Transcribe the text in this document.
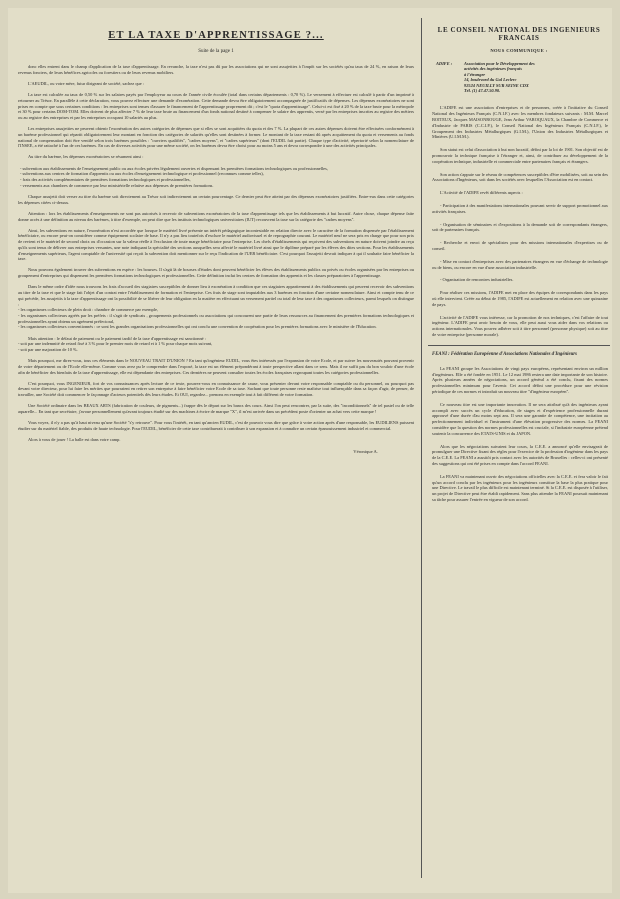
ET LA TAXE D'APPRENTISSAGE ?...
Suite de la page 1
donc elles entrent dans le champ d'application de la taxe d'apprentissage. En revanche, la taxe n'est pas dû par les associations qui ne sont assujetties à l'impôt sur les sociétés qu'au taux de 24 %, en raison de leurs revenus fonciers, de leurs bénéfices agricoles ou forestiers ou de leurs revenus mobiliers.
L'AEUDIL, ou votre mère, futur dirigeant de société, sachez que :
La taxe est calculée au taux de 0,50 % sur les salaires payés par l'employeur au cours de l'année civile écoulée (total dans certains départements : 0,70 %). Le versement à effectuer est calculé à partir d'un imprimé à retourner au Trésor. En parallèle à cette déclaration, vous pouvez effectuer une demande d'exonération. Cette demande devra être obligatoirement accompagnée de justificatifs de dépenses. Les dépenses exonératoires ne sont prises en compte que sous certaines conditions : les entreprises sont tenues d'assurer le financement de l'apprentissage proprement dit ; c'est le "quota d'apprentissage". Celui-ci est fixé à 20 % de la taxe brute pour la métropole et 30 % pour certains DOM-TOM. Elles doivent de plus affecter 7 % de leur taxe brute au financement d'un fonds national destiné à compenser le salaire des apprentis, versé par les entreprises inscrites au registre des métiers ou au registre des entreprises et par les entreprises occupant 10 salariés au plus.
Les entreprises assujetties ne peuvent obtenir l'exonération des autres catégories de dépenses que si elles se sont acquittées du quota et des 7 %. La plupart de ces autres dépenses doivent être effectuées conformément à un barème professionnel qui répartit obligatoirement leur montant en fonction des catégories de salariés qu'elles sont destinées à former. Le montant de la taxe restant dû après acquittement du quota et versements au fonds national de compensation doit être ventilé selon trois barèmes possibles : "ouvriers qualifiés", "cadres moyens", et "cadres supérieurs" (dont l'EUDIL fait partie). Chaque type d'activité, répertorié selon la nomenclature de l'INSEE, a été rattaché à l'un de ces barèmes. En cas de diverses activités pour une même société, on les barèmes devra être choisi pour au moins 5 ans et devra correspondre à une des activités principales.
Au titre du barème, les dépenses exonératoires se résument ainsi :
- subvention aux établissements de l'enseignement public ou aux écoles privées légalement ouvertes et dispensant les premières formations technologiques ou professionnelles,
- subventions aux centres de formation d'apprentis ou aux écoles d'enseignement technologique et professionnel (reconnues comme telles),
- frais des activités complémentaires de premières formations technologiques et professionnelles,
- versements aux chambres de commerce par leur ministérielle relative aux dépenses de premières formations.
Chaque assujetti doit verser au titre du barème soit directement au Trésor soit indirectement un certain pourcentage. Ce dernier peut être atteint par des dépenses exonératoires justifiées. Entre-eux dans cette catégories les dépenses citées ci-dessus.
Attention : lors les établissements d'enseignements ne sont pas autorisés à recevoir de subventions exonératoires de la taxe d'apprentissage tels que les établissements à but lucratif. Autre chose, chaque dépense faite donne accès à une définition au niveau des barèmes, à titre d'exemple, on peut dire que les instituts technologiques universitaires (IUT) recouvrent la taxe sur la catégorie des "cadres moyens".
Ainsi, les subventions en nature, l'exonération n'est accordée que lorsque le matériel livré présente un intérêt pédagogique incontestable en relation directe avec le caractère de la formation dispensée par l'établissement bénéficiaire, ou encore peut-on considérer comme équipement scolaire de base. Il n'y a pas lieu toutefois d'exclure le matériel audiovisuel et de reprographie courant. Le matériel neuf ne sera pris en charge que pour son prix de revient et le matériel de second choix ou d'occasion sur la valeur réelle à l'exclusion de toute marge bénéficiaire pour l'entreprise. Les chefs d'établissements qui reçoivent des subventions en nature doivent joindre au reçu qu'ils sont tenus de délivrer aux entreprises versantes, une note indiquant la spécialité des sections auxquelles sera affecté le matériel livré ainsi que le diplôme préparé par les élèves des dites sections. Pour les établissements d'enseignements supérieurs, l'agent comptable de l'université qui reçoit la subvention doit mentionner sur le reçu l'indication de l'UER bénéficiaire. C'est pourquoi l'assujetti devrait indiquer à qui il souhaite faire bénéficier la taxe.
Nous pouvons également trouver des subventions en espèce : les bourses. Il s'agit là de bourses d'études dont peuvent bénéficier les élèves des établissements publics ou privés ou écoles organisées par les entreprises ou groupement d'entreprises qui dispensent les premières formations technologiques et professionnelles. Cette définition inclut les centres de formation des apprentis et les classes préparatoires à l'apprentissage.
Dans le même ordre d'idée nous trouvons les frais d'accueil des stagiaires susceptibles de donner lieu à exonération à condition que ces stagiaires appartiennent à des établissements qui peuvent recevoir des subventions au titre de la taxe et que le stage fait l'objet d'un contrat entre l'établissement de formation et l'entreprise. Ces frais de stage sont imputables aux 3 barèmes en fonction d'une certaine nomenclature. Ainsi et compte tenu de ce qui précède, les assujettis à la taxe d'apprentissage ont la possibilité de se libérer de leur obligation en la matière en effectuant un versement partiel ou total de leur taxe à des organismes collecteurs, parmi lesquels on distingue :
- les organismes collecteurs de plein droit : chambre de commerce par exemple,
- les organismes collecteurs agréés par les préfets : il s'agit de syndicats , groupements professionnels ou associations qui concourent une partie de leurs ressources au financement des premières formations technologiques et professionnelles ayant obtenu un agrément préfectoral,
- les organismes collecteurs conventionnés : ce sont les grandes organisations professionnelles qui ont conclu une convention de coopération pour les premières formations avec le ministère de l'Education.
Mais attention : le défaut de paiement ou le paiement tardif de la taxe d'apprentissage est sanctionné :
- soit par une indemnité de retard fixé à 3 % pour le premier mois de retard et à 1 % pour chaque mois suivant,
- soit par une majoration de 10 %.
Mais pourquoi, me direz-vous, tous ces éléments dans le NOUVEAU TRAIT D'UNION ? En tant qu'ingénieur EUDIL, vous êtes intéressés par l'expansion de votre Ecole, et par suivre les nouveautés pouvant provenir de votre département ou de l'Ecole elle-même. Comme vous avez pu le comprendre dans l'exposé, la taxe est un élément prépondérant à toute perspective allant dans ce sens. Mais il ne suffit pas du bon vouloir d'une école afin de bénéficier des bienfaits de la taxe d'apprentissage, elle est dépendante des entreprises. Ces dernières ne peuvent consulter toutes les écoles françaises regroupant toutes les catégories professionnelles.
C'est pourquoi, vous INGENIEUR, fort de vos connaissances après lecture de ce texte, pourrez-vous en connaissance de cause, vous présenter devant votre responsable comptable ou du personnel, ou pourquoi pas devant votre directeur, pour lui faire les mérites que pourraient en retirer son entreprise à faire bénéficier votre Ecole de sa taxe. Sachant que toute personne reste maîtrise tout influençable dans sa façon d'agir, de penser, de travailler, une Société doit commencer le façonnage d'acteurs potentiels dès leurs études. Et OUI, regardez... prenons en exemple tout à fait différent de votre formation.
Une Société ordinaire dans les BEAUX ARTS (fabrication de couleurs, de pigments...) frappe dès le départ sur les bancs des cours. Ainsi l'on peut rencontrer, par la suite, des "inconditionnels" de tel pastel ou de telle aquarelle... En tant que secrétaire, j'avoue personnellement qu'avant toujours étudié sur des machines à écrire de marque "X", il m'est arrivée dans un précédent poste d'orienter un achat vers cette marque !
Vous voyez, il n'y a pas qu'à haut niveau qu'une Société "s'y retrouve". Pour vous l'intérêt, en tant qu'ancien EUDIL, c'est de pouvoir vous dire que grâce à votre action après d'une responsable, les EUDILIENS puissent étudier sur du matériel fiable, des produits de haute technologie. Pour l'EUDIL, bénéficier de cette taxe contribuerait à contribuer à son expansion et à connaître un certain épanouissement industriel et commercial.
Alors à vous de jouer ! La balle est dans votre camp.
Véronique A.
LE CONSEIL NATIONAL DES INGENIEURS FRANCAIS
NOUS COMMUNIQUE :
ADIFE :	Association pour le Développement des
activités des ingénieurs français
à l'étranger
14, boulevard du Gal Leclerc
92524 NEUILLY SUR SEINE CDX
Tél. (1) 47.47.50.90.
L'ADIFE est une association d'entreprises et de personnes, créée à l'initiative du Conseil National des Ingénieurs Français (C.N.I.F.) avec les membres fondateurs suivants : M.M. Marcel BOITEUX, Jacques MAISONROUGE, Jean Arthur VAROQUAUX, la Chambre de Commerce et d'Industrie de PARIS (C.C.I.P.), le Conseil National des Ingénieurs Français (C.N.I.F.), le Groupement des Industries Métallurgiques (G.I.M.), l'Union des Industries Métallurgiques et Minières (U.I.M.M.).
Son statut est celui d'association à but non lucratif, défini par la loi de 1901. Son objectif est de promouvoir la technique française à l'étranger et, ainsi, de contribuer au développement de la coopération technique, industrielle et commerciale entre partenaires français et étrangers.
Son action s'appuie sur le réseau de compétences susceptibles d'être mobilisées, soit au sein des Associations d'Ingénieurs, soit dans les sociétés avec lesquelles l'Association est en contact.
L'Activité de l'ADIFE revêt différents aspects :
- Participation à des manifestations internationales pouvant servir de support promotionnel aux activités françaises.
- Organisation de séminaires et d'expositions à la demande soit de correspondants étrangers, soit de partenaires français.
- Recherche et envoi de spécialistes pour des missions internationales d'expertises ou de conseil.
- Mise en contact d'entreprises avec des partenaires étrangers en vue d'échange de technologie ou de biens, ou encore en vue d'une association industrielle.
- Organisation de rencontres industrielles.
Pour réaliser ces missions, l'ADIFE met en place des équipes de correspondants dans les pays où elle intervient. Créée au début de 1985, l'ADIFE est actuellement en relation avec une quinzaine de pays.
L'activité de l'ADIFE vous intéresse, car la promotion de nos techniques, c'est l'affaire de tout ingénieur. L'ADIFE peut avoir besoin de vous, elle peut aussi vous aider dans vos relations ou actions internationales. Vous pouvez adhérer soit à titre personnel (personne physique) soit au titre de votre entreprise (personne morale).
FEANI : Fédération Européenne d'Associations Nationales d'Ingénieurs
La FEANI groupe les Associations de vingt pays européens, représentant environ un million d'ingénieurs. Elle a été fondée en 1951. Le 12 mai 1986 restera une date importante de son histoire. Après plusieurs années de négociations, un accord général a été conclu, fixant des normes professionnelles minimum pour l'avenir. Cet accord défini une procédure pour une révision périodique de ces normes et introduit un nouveau titre "d'ingénieur européen".
Ce nouveau titre est une importante innovation. Il ne sera attribué qu'à des ingénieurs ayant accompli avec succès un cycle d'éducation, de stages et d'expérience professionnelle durant approuvé d'une durée d'au moins sept ans. Il sera une garantie de compétence, une incitation au perfectionnement individuel et l'instrument d'une élévation progressive des normes. La FEANI considère que la question des normes professionnelles est cruciale, si l'industrie européenne prétend soutenir la concurrence des ETATS-UNIS et du JAPON.
Alors que les négociations suivaient leur cours, la C.E.E. a annoncé qu'elle envisageait de promulguer une Directive fixant des règles pour l'exercice de la profession d'ingénieur dans les pays de la C.E.E. La FEANI a aussitôt pris contact avec les autorités de Bruxelles : celles-ci ont présenté des suggestions qui ont été prises en compte dans l'accord FEANI.
La FEANI va maintenant ouvrir des négociations officielles avec la C.E.E. et fera valoir le fait qu'un accord conclu par les ingénieurs pour les ingénieurs constitue la base la plus pratique pour une Directive. Le travail le plus difficile est maintenant terminé. Si la C.E.E. est disposée à l'utiliser, un projet de Directive peut être établi rapidement. Sans plus attendre la FEANI poursuit maintenant sa tâche pour assurer l'entrée en vigueur de son accord.
